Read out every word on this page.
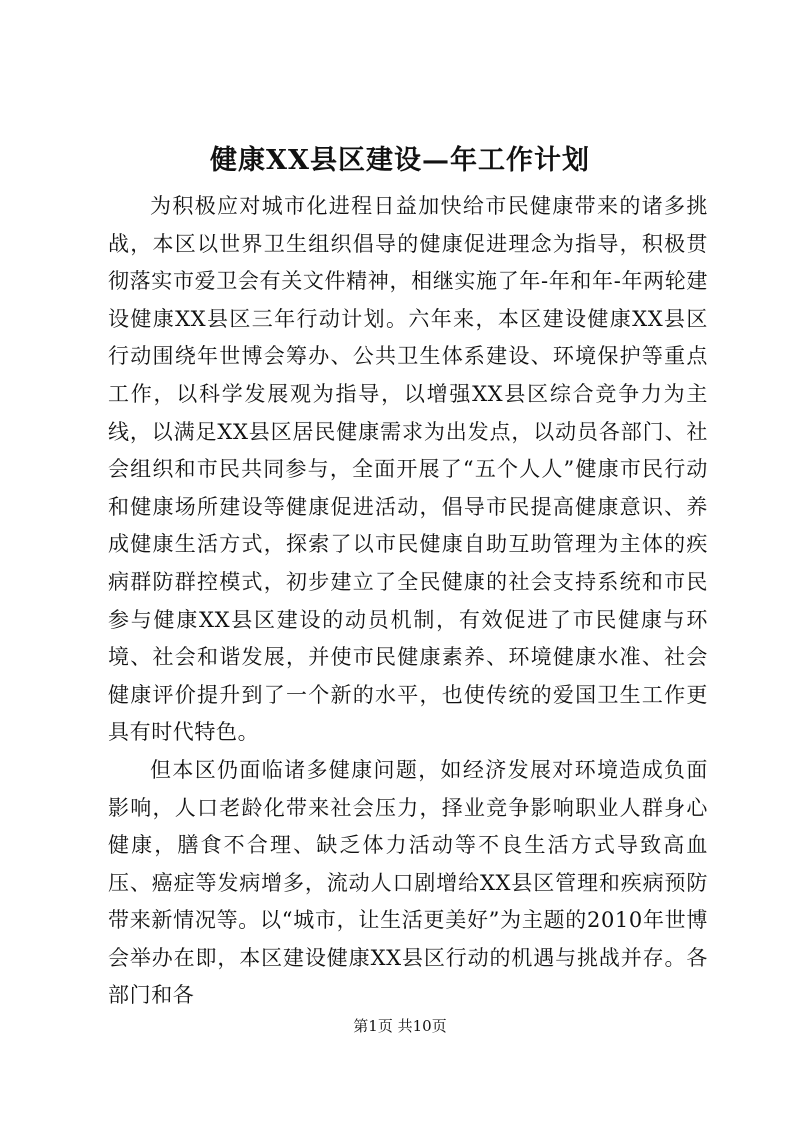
健康XX县区建设—年工作计划

为积极应对城市化进程日益加快给市民健康带来的诸多挑战，本区以世界卫生组织倡导的健康促进理念为指导，积极贯彻落实市爱卫会有关文件精神，相继实施了年-年和年-年两轮建设健康XX县区三年行动计划。六年来，本区建设健康XX县区行动围绕年世博会筹办、公共卫生体系建设、环境保护等重点工作，以科学发展观为指导，以增强XX县区综合竞争力为主线，以满足XX县区居民健康需求为出发点，以动员各部门、社会组织和市民共同参与，全面开展了“五个人人”健康市民行动和健康场所建设等健康促进活动，倡导市民提高健康意识、养成健康生活方式，探索了以市民健康自助互助管理为主体的疾病群防群控模式，初步建立了全民健康的社会支持系统和市民参与健康XX县区建设的动员机制，有效促进了市民健康与环境、社会和谐发展，并使市民健康素养、环境健康水准、社会健康评价提升到了一个新的水平，也使传统的爱国卫生工作更具有时代特色。

但本区仍面临诸多健康问题，如经济发展对环境造成负面影响，人口老龄化带来社会压力，择业竞争影响职业人群身心健康，膳食不合理、缺乏体力活动等不良生活方式导致高血压、癌症等发病增多，流动人口剧增给XX县区管理和疾病预防带来新情况等。以“城市，让生活更美好”为主题的2010年世博会举办在即，本区建设健康XX县区行动的机遇与挑战并存。各部门和各

第1页 共10页
